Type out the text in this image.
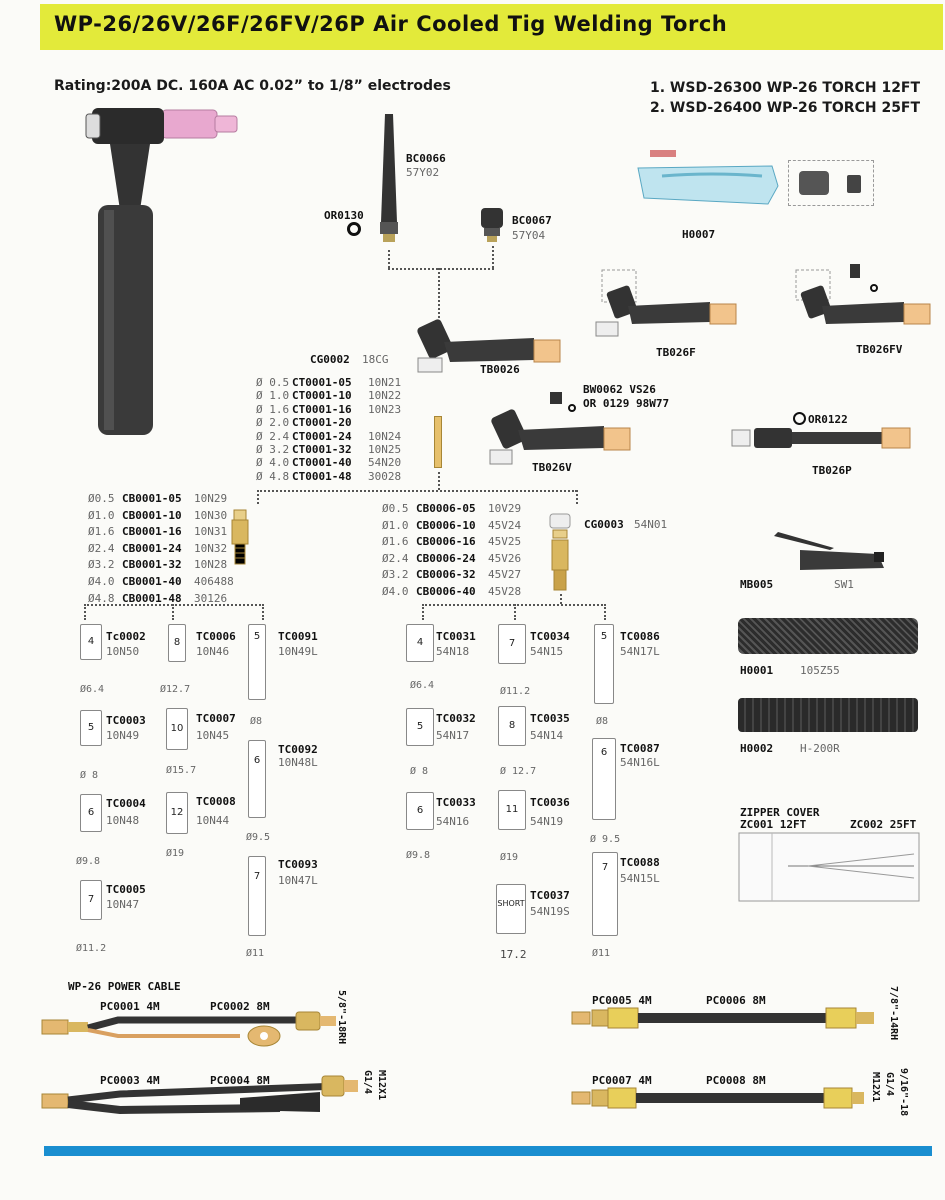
WP-26/26V/26F/26FV/26P Air Cooled Tig Welding Torch
Rating:200A DC. 160A AC 0.02” to 1/8” electrodes	1. WSD-26300 WP-26 TORCH 12FT
2. WSD-26400 WP-26 TORCH 25FT
BC0066
57Y02
OR0130	BC0067
57Y04	H0007
TB026F	TB026FV
CG0002 18CG
TB0026
Ø 0.5 CT0001-05 10N21
Ø 1.0 CT0001-10 10N22
Ø 1.6 CT0001-16 10N23
Ø 2.0 CT0001-20
Ø 2.4 CT0001-24 10N24
Ø 3.2 CT0001-32 10N25
Ø 4.0 CT0001-40 54N20
Ø 4.8 CT0001-48 30028
BW0062 VS26
OR 0129 98W77
TB026V
OR0122
TB026P
Ø0.5 CB0001-05 10N29
Ø1.0 CB0001-10 10N30
Ø1.6 CB0001-16 10N31
Ø2.4 CB0001-24 10N32
Ø3.2 CB0001-32 10N28
Ø4.0 CB0001-40 406488
Ø4.8 CB0001-48 30126
Ø0.5 CB0006-05 10V29
Ø1.0 CB0006-10 45V24
Ø1.6 CB0006-16 45V25
Ø2.4 CB0006-24 45V26
Ø3.2 CB0006-32 45V27
Ø4.0 CB0006-40 45V28
CG0003 54N01
4	Tc0002
10N50
Ø6.4
5
TC0003
10N49
Ø 8
6
TC0004
10N48
Ø9.8
7
TC0005
10N47
Ø11.2
8	TC0006
10N46
Ø12.7
10
TC0007
10N45
Ø15.7
12
TC0008
10N44
Ø19
5	TC0091
10N49L
Ø8
6
TC0092
10N48L
Ø9.5
7
TC0093
10N47L
Ø11
4	TC0031
54N18
Ø6.4
5
TC0032
54N17
Ø 8
6
TC0033
54N16
Ø9.8
7
TC0034
54N15
Ø11.2
8
TC0035
54N14
Ø 12.7
11
TC0036
54N19
Ø19
SHORT
TC0037
54N19S
17.2
5	TC0086
54N17L
Ø8
6	TC0087
54N16L
Ø 9.5
7	TC0088
54N15L
Ø11
MB005	SW1
H0001 105Z55
H0002 H-200R
ZIPPER COVER
ZC001 12FT	ZC002 25FT
WP-26 POWER CABLE
PC0001 4M	PC0002 8M	5/8"-18RH
PC0003 4M	PC0004 8M	G1/4 M12X1
PC0005 4M	PC0006 8M	7/8"-14RH
PC0007 4M	PC0008 8M	M12X1 G1/4 9/16"-18
